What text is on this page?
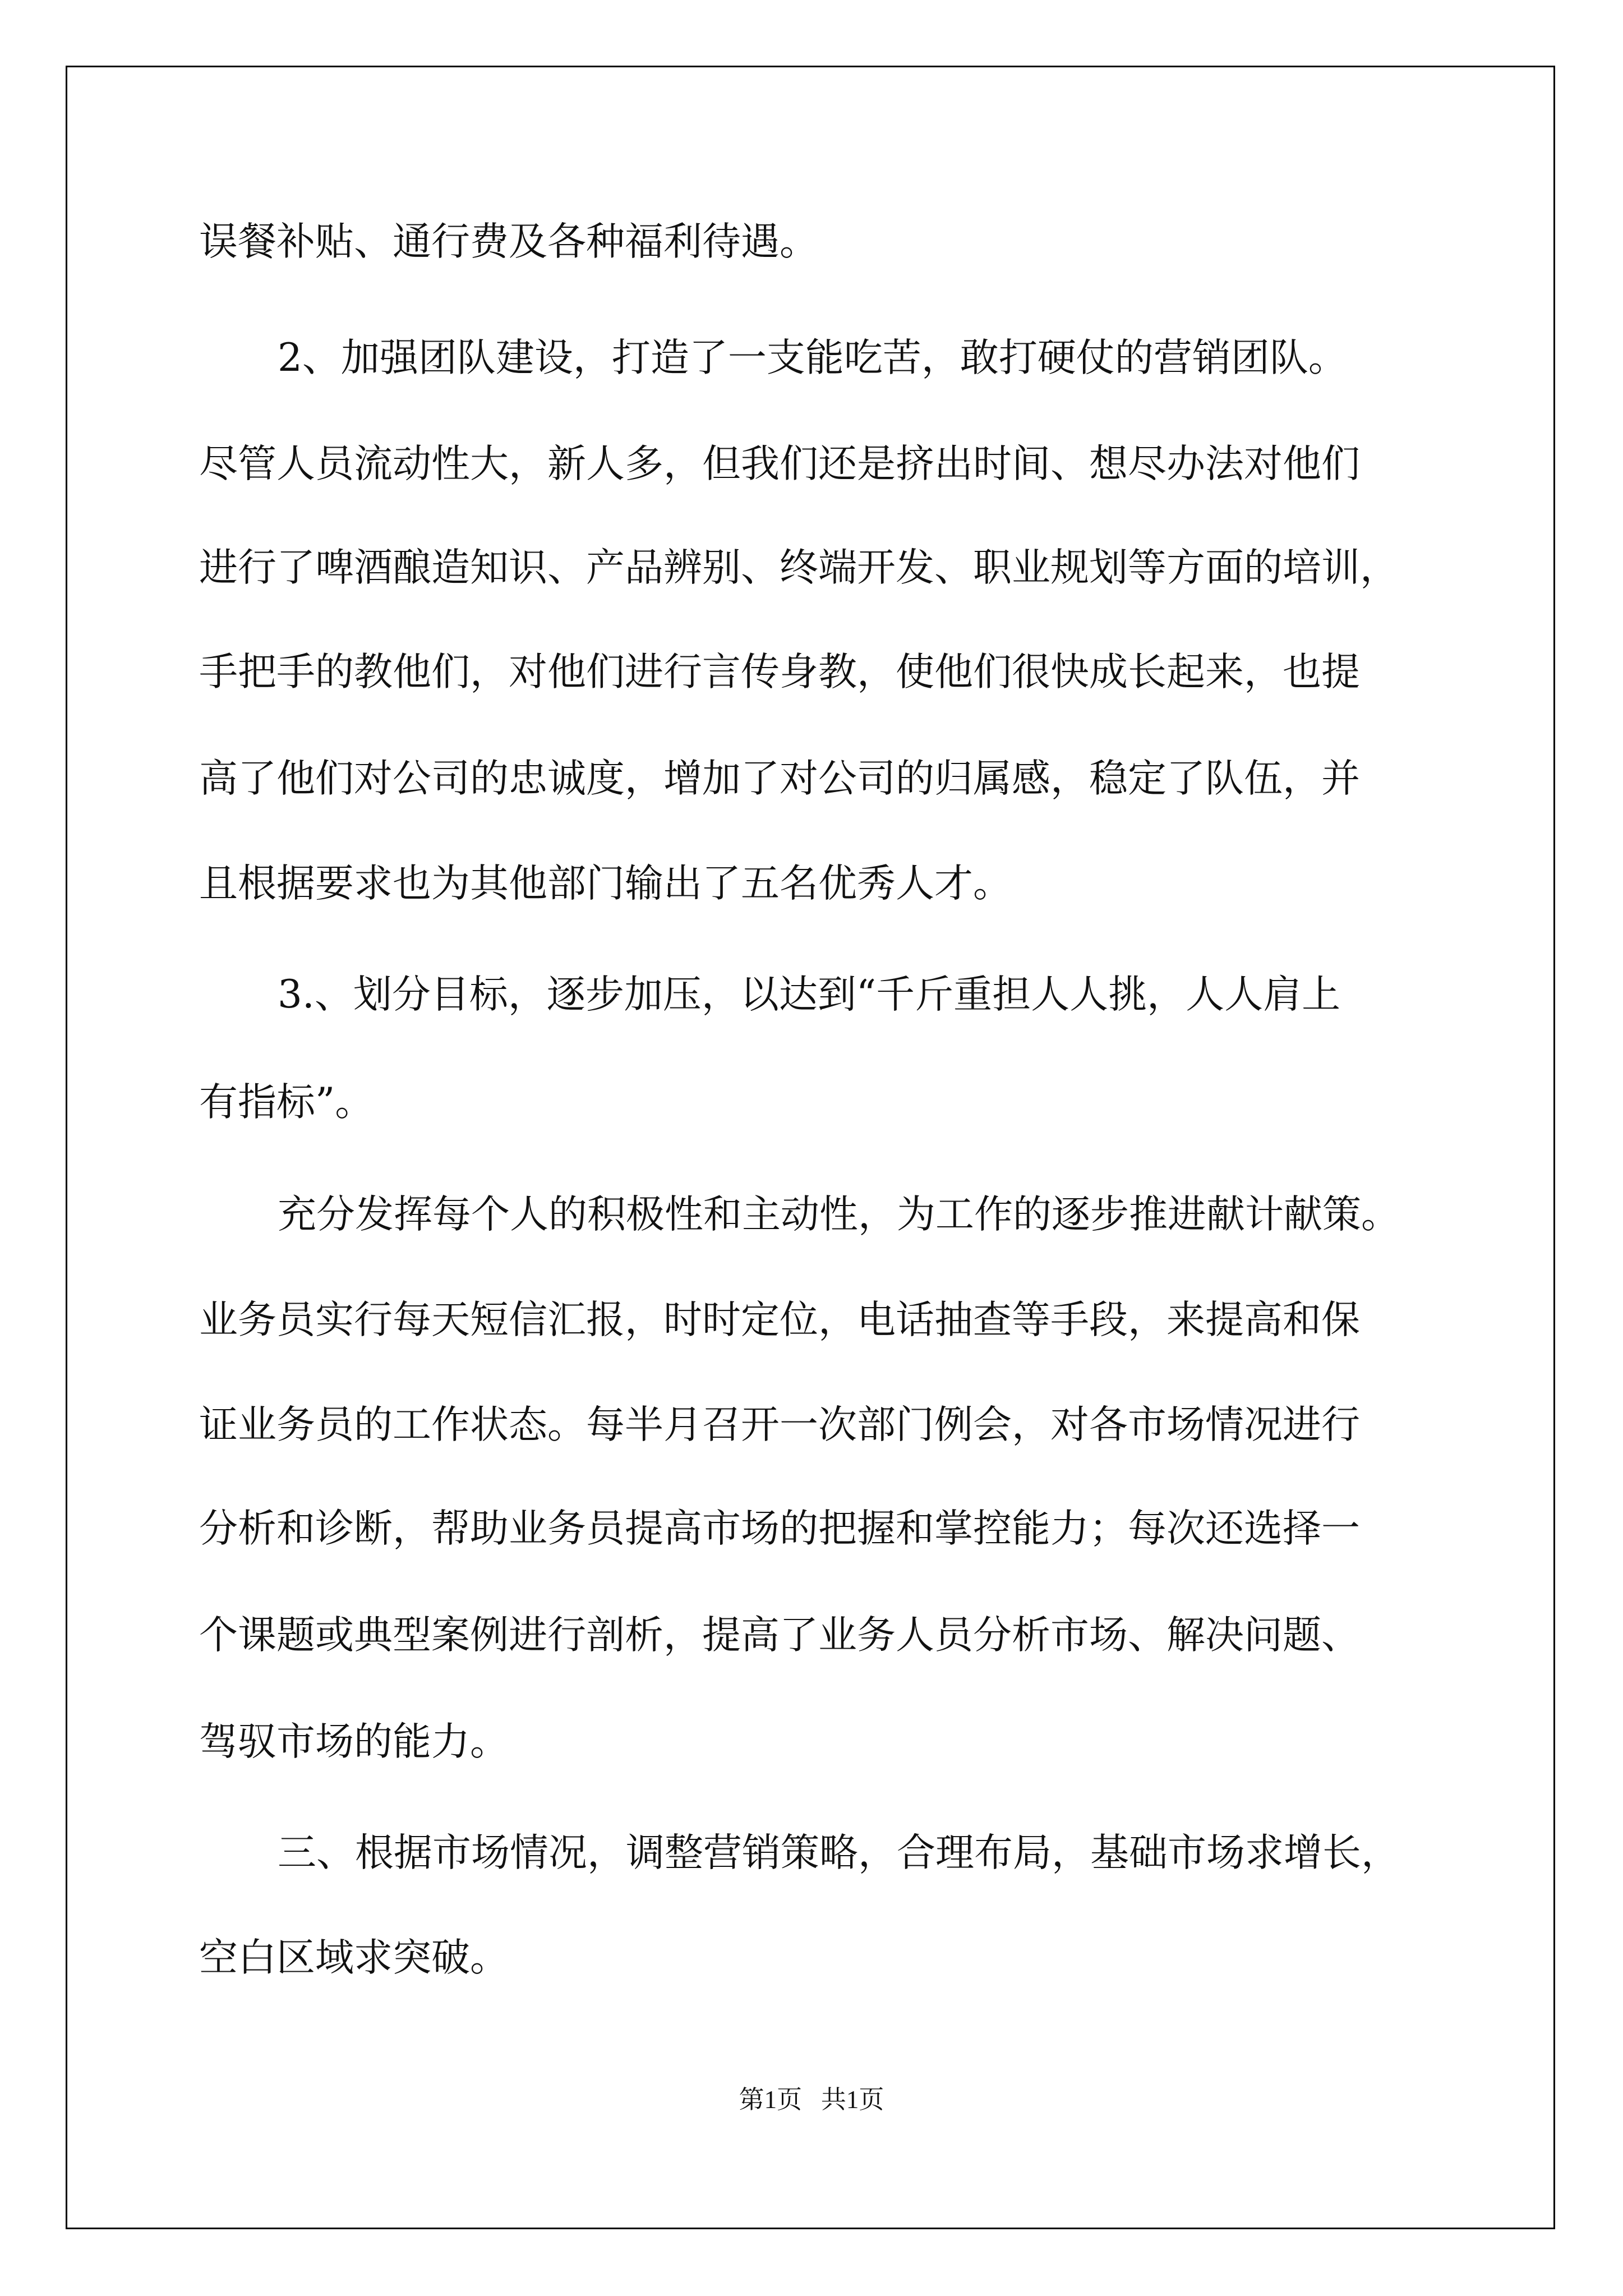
误餐补贴、通行费及各种福利待遇。
2、加强团队建设，打造了一支能吃苦，敢打硬仗的营销团队。
尽管人员流动性大，新人多，但我们还是挤出时间、想尽办法对他们
进行了啤酒酿造知识、产品辨别、终端开发、职业规划等方面的培训，
手把手的教他们，对他们进行言传身教，使他们很快成长起来，也提
高了他们对公司的忠诚度，增加了对公司的归属感，稳定了队伍，并
且根据要求也为其他部门输出了五名优秀人才。
3.、划分目标，逐步加压，以达到“千斤重担人人挑，人人肩上
有指标”。
充分发挥每个人的积极性和主动性，为工作的逐步推进献计献策。
业务员实行每天短信汇报，时时定位，电话抽查等手段，来提高和保
证业务员的工作状态。每半月召开一次部门例会，对各市场情况进行
分析和诊断，帮助业务员提高市场的把握和掌控能力；每次还选择一
个课题或典型案例进行剖析，提高了业务人员分析市场、解决问题、
驾驭市场的能力。
三、根据市场情况，调整营销策略，合理布局，基础市场求增长，
空白区域求突破。
第1页   共1页
